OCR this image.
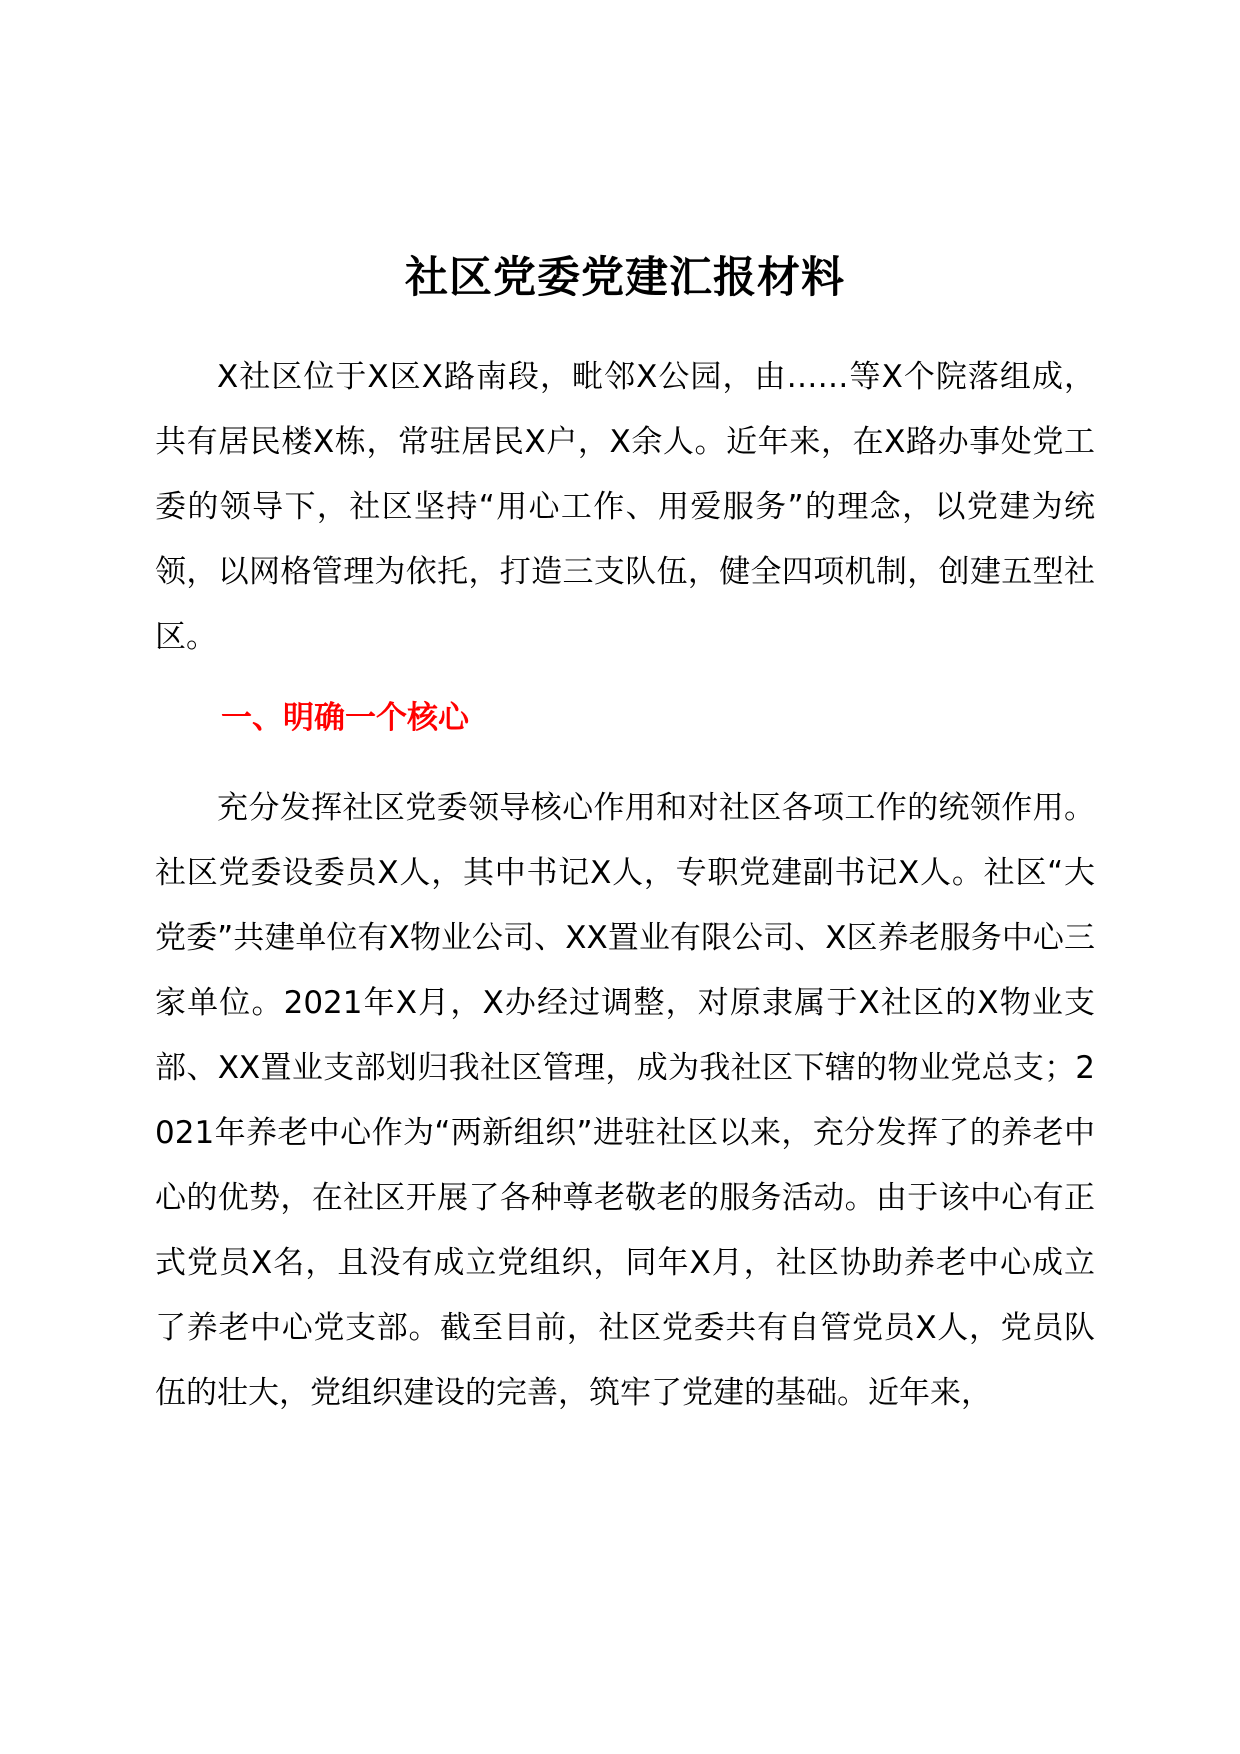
社区党委党建汇报材料

X社区位于X区X路南段，毗邻X公园，由……等X个院落组成，共有居民楼X栋，常驻居民X户，X余人。近年来，在X路办事处党工委的领导下，社区坚持“用心工作、用爱服务”的理念，以党建为统领，以网格管理为依托，打造三支队伍，健全四项机制，创建五型社区。

一、明确一个核心

充分发挥社区党委领导核心作用和对社区各项工作的统领作用。社区党委设委员X人，其中书记X人，专职党建副书记X人。社区“大党委”共建单位有X物业公司、XX置业有限公司、X区养老服务中心三家单位。2021年X月，X办经过调整，对原隶属于X社区的X物业支部、XX置业支部划归我社区管理，成为我社区下辖的物业党总支；2021年养老中心作为“两新组织”进驻社区以来，充分发挥了的养老中心的优势，在社区开展了各种尊老敬老的服务活动。由于该中心有正式党员X名，且没有成立党组织，同年X月，社区协助养老中心成立了养老中心党支部。截至目前，社区党委共有自管党员X人，党员队伍的壮大，党组织建设的完善，筑牢了党建的基础。近年来，
